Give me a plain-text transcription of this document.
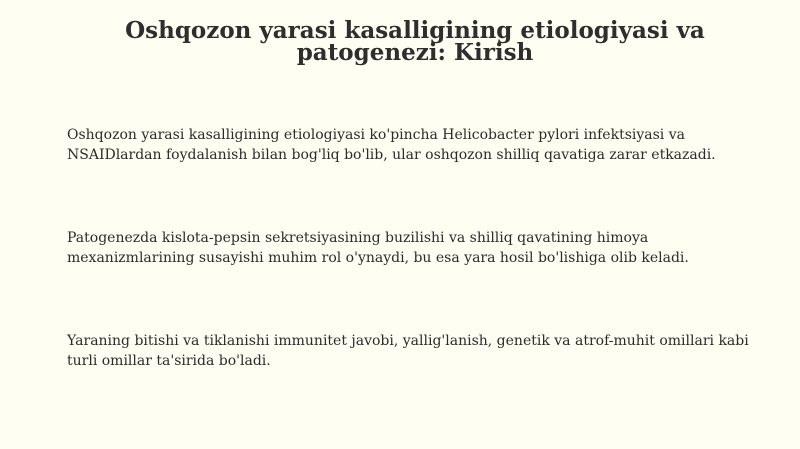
Oshqozon yarasi kasalligining etiologiyasi va patogenezi: Kirish

Oshqozon yarasi kasalligining etiologiyasi ko'pincha Helicobacter pylori infektsiyasi va NSAIDlardan foydalanish bilan bog'liq bo'lib, ular oshqozon shilliq qavatiga zarar etkazadi.

Patogenezda kislota-pepsin sekretsiyasining buzilishi va shilliq qavatining himoya mexanizmlarining susayishi muhim rol o'ynaydi, bu esa yara hosil bo'lishiga olib keladi.

Yaraning bitishi va tiklanishi immunitet javobi, yallig'lanish, genetik va atrof-muhit omillari kabi turli omillar ta'sirida bo'ladi.
